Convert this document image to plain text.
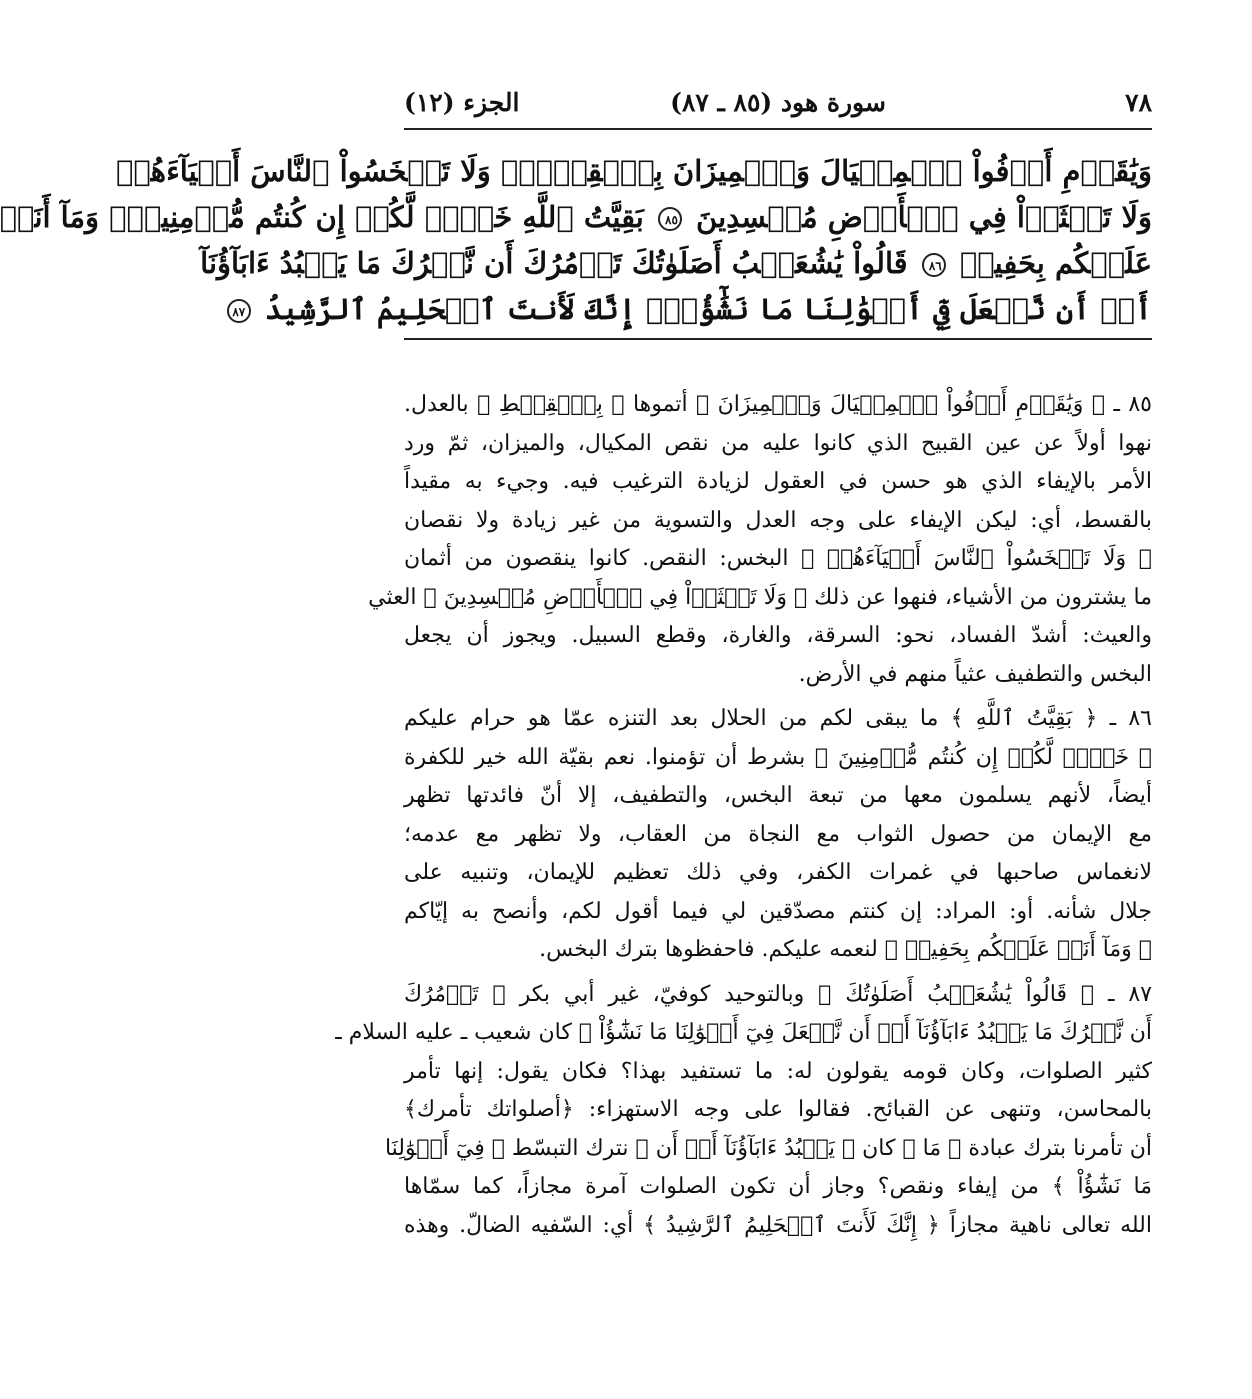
٧٨
سورة هود (٨٥ ـ ٨٧)
الجزء (١٢)
وَيَٰقَوۡمِ أَوۡفُواْ ٱلۡمِكۡيَالَ وَٱلۡمِيزَانَ بِٱلۡقِسۡطِۖ وَلَا تَبۡخَسُواْ ٱلنَّاسَ أَشۡيَآءَهُمۡ
وَلَا تَعۡثَوۡاْ فِي ٱلۡأَرۡضِ مُفۡسِدِينَ ٨٥ بَقِيَّتُ ٱللَّهِ خَيۡرٞ لَّكُمۡ إِن كُنتُم مُّؤۡمِنِينَۚ وَمَآ أَنَا۠
عَلَيۡكُم بِحَفِيظٖ ٨٦ قَالُواْ يَٰشُعَيۡبُ أَصَلَوٰتُكَ تَأۡمُرُكَ أَن نَّتۡرُكَ مَا يَعۡبُدُ ءَابَآؤُنَآ
أَوۡ أَن نَّفۡعَلَ فِيٓ أَمۡوَٰلِنَا مَا نَشَٰٓؤُاْۖ إِنَّكَ لَأَنتَ ٱلۡحَلِيمُ ٱلرَّشِيدُ ٨٧
٨٥ ـ ﴿ وَيَٰقَوۡمِ أَوۡفُواْ ٱلۡمِكۡيَالَ وَٱلۡمِيزَانَ ﴾ أتموها ﴿ بِٱلۡقِسۡطِ ﴾ بالعدل.
نهوا أولاً عن عين القبيح الذي كانوا عليه من نقص المكيال، والميزان، ثمّ ورد
الأمر بالإيفاء الذي هو حسن في العقول لزيادة الترغيب فيه. وجيء به مقيداً
بالقسط، أي: ليكن الإيفاء على وجه العدل والتسوية من غير زيادة ولا نقصان
﴿ وَلَا تَبۡخَسُواْ ٱلنَّاسَ أَشۡيَآءَهُمۡ ﴾ البخس: النقص. كانوا ينقصون من أثمان
ما يشترون من الأشياء، فنهوا عن ذلك ﴿ وَلَا تَعۡثَوۡاْ فِي ٱلۡأَرۡضِ مُفۡسِدِينَ ﴾ العثي
والعيث: أشدّ الفساد، نحو: السرقة، والغارة، وقطع السبيل. ويجوز أن يجعل
البخس والتطفيف عثياً منهم في الأرض.
٨٦ ـ ﴿ بَقِيَّتُ ٱللَّهِ ﴾ ما يبقى لكم من الحلال بعد التنزه عمّا هو حرام عليكم
﴿ خَيۡرٞ لَّكُمۡ إِن كُنتُم مُّؤۡمِنِينَ ﴾ بشرط أن تؤمنوا. نعم بقيّة الله خير للكفرة
أيضاً، لأنهم يسلمون معها من تبعة البخس، والتطفيف، إلا أنّ فائدتها تظهر
مع الإيمان من حصول الثواب مع النجاة من العقاب، ولا تظهر مع عدمه؛
لانغماس صاحبها في غمرات الكفر، وفي ذلك تعظيم للإيمان، وتنبيه على
جلال شأنه. أو: المراد: إن كنتم مصدّقين لي فيما أقول لكم، وأنصح به إيّاكم
﴿ وَمَآ أَنَا۠ عَلَيۡكُم بِحَفِيظٖ ﴾ لنعمه عليكم. فاحفظوها بترك البخس.
٨٧ ـ ﴿ قَالُواْ يَٰشُعَيۡبُ أَصَلَوٰتُكَ ﴾ وبالتوحيد كوفيّ، غير أبي بكر ﴿ تَأۡمُرُكَ
أَن نَّتۡرُكَ مَا يَعۡبُدُ ءَابَآؤُنَآ أَوۡ أَن نَّفۡعَلَ فِيٓ أَمۡوَٰلِنَا مَا نَشَٰٓؤُاْ ﴾ كان شعيب ـ عليه السلام ـ
كثير الصلوات، وكان قومه يقولون له: ما تستفيد بهذا؟ فكان يقول: إنها تأمر
بالمحاسن، وتنهى عن القبائح. فقالوا على وجه الاستهزاء: ﴿أصلواتك تأمرك﴾
أن تأمرنا بترك عبادة ﴿ مَا ﴾ كان ﴿ يَعۡبُدُ ءَابَآؤُنَآ أَوۡ أَن ﴾ نترك التبسّط ﴿ فِيٓ أَمۡوَٰلِنَا
مَا نَشَٰٓؤُاْ ﴾ من إيفاء ونقص؟ وجاز أن تكون الصلوات آمرة مجازاً، كما سمّاها
الله تعالى ناهية مجازاً ﴿ إِنَّكَ لَأَنتَ ٱلۡحَلِيمُ ٱلرَّشِيدُ ﴾ أي: السّفيه الضالّ. وهذه
